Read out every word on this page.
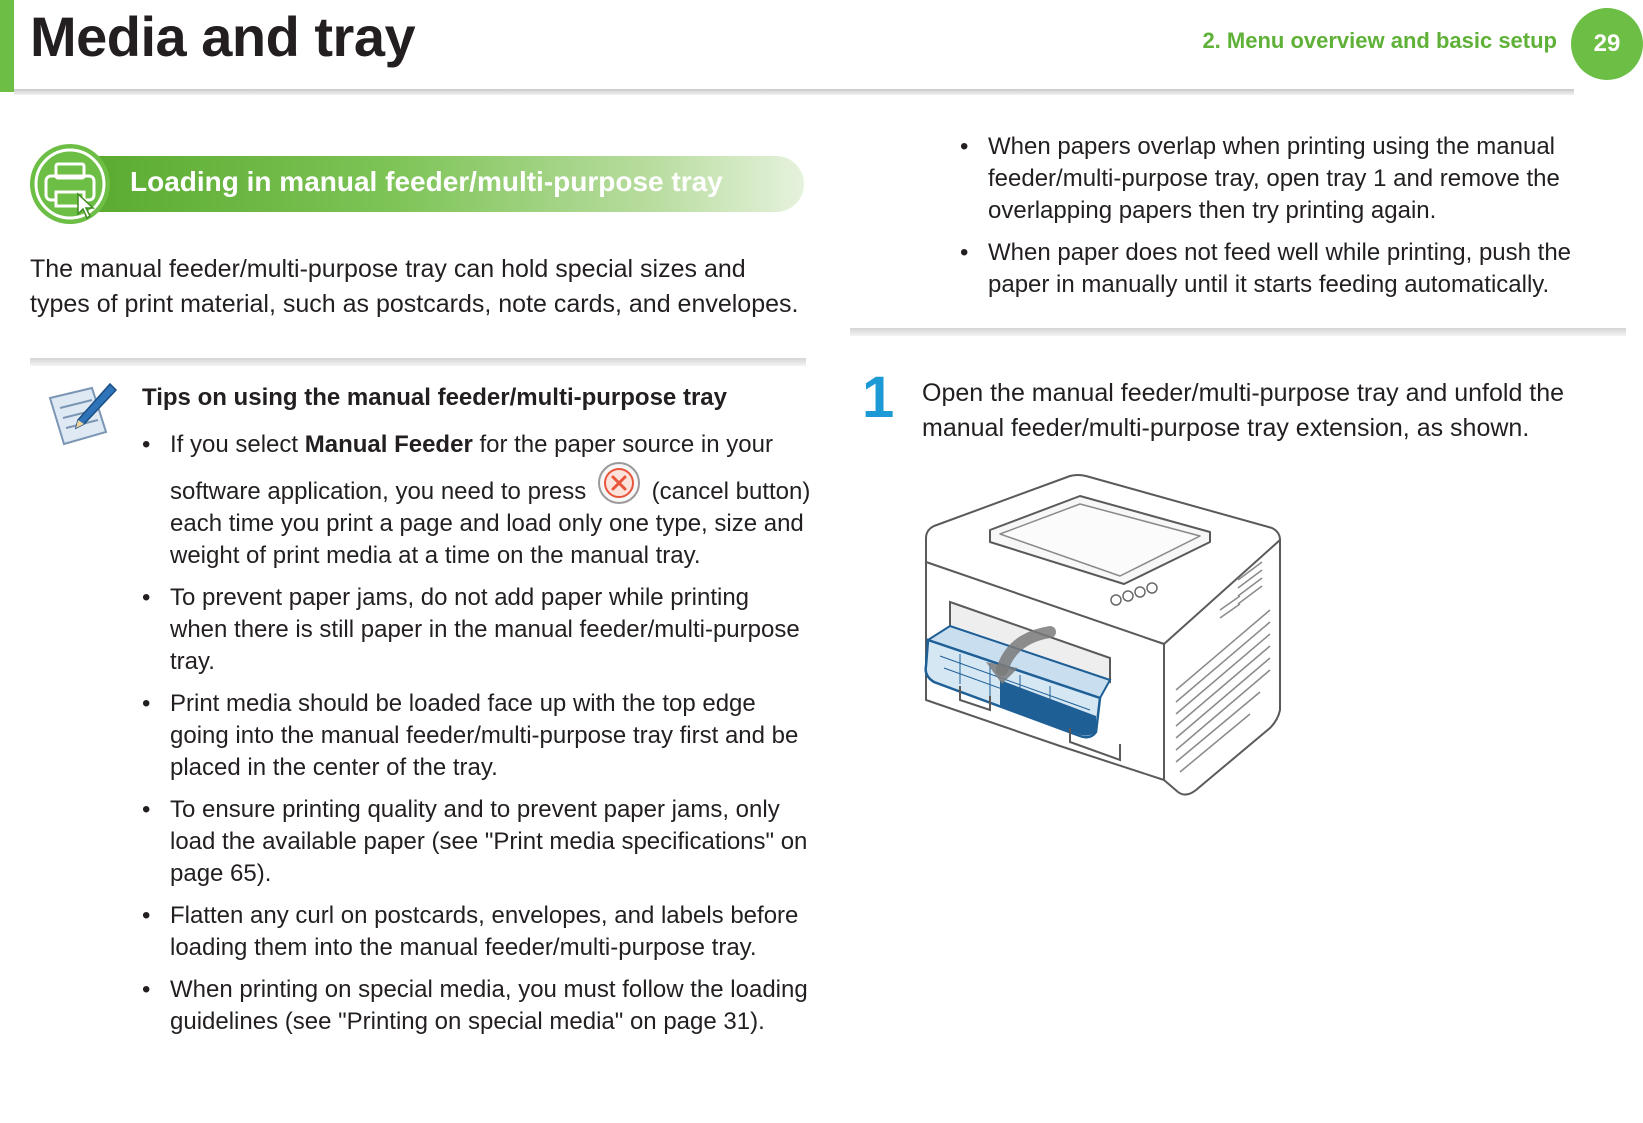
Media and tray	2. Menu overview and basic setup	29
Loading in manual feeder/multi-purpose tray
The manual feeder/multi-purpose tray can hold special sizes and types of print material, such as postcards, note cards, and envelopes.
Tips on using the manual feeder/multi-purpose tray
• If you select Manual Feeder for the paper source in your software application, you need to press  (cancel button) each time you print a page and load only one type, size and weight of print media at a time on the manual tray.
• To prevent paper jams, do not add paper while printing when there is still paper in the manual feeder/multi-purpose tray.
• Print media should be loaded face up with the top edge going into the manual feeder/multi-purpose tray first and be placed in the center of the tray.
• To ensure printing quality and to prevent paper jams, only load the available paper (see "Print media specifications" on page 65).
• Flatten any curl on postcards, envelopes, and labels before loading them into the manual feeder/multi-purpose tray.
• When printing on special media, you must follow the loading guidelines (see "Printing on special media" on page 31).
• When papers overlap when printing using the manual feeder/multi-purpose tray, open tray 1 and remove the overlapping papers then try printing again.
• When paper does not feed well while printing, push the paper in manually until it starts feeding automatically.
1 Open the manual feeder/multi-purpose tray and unfold the manual feeder/multi-purpose tray extension, as shown.
